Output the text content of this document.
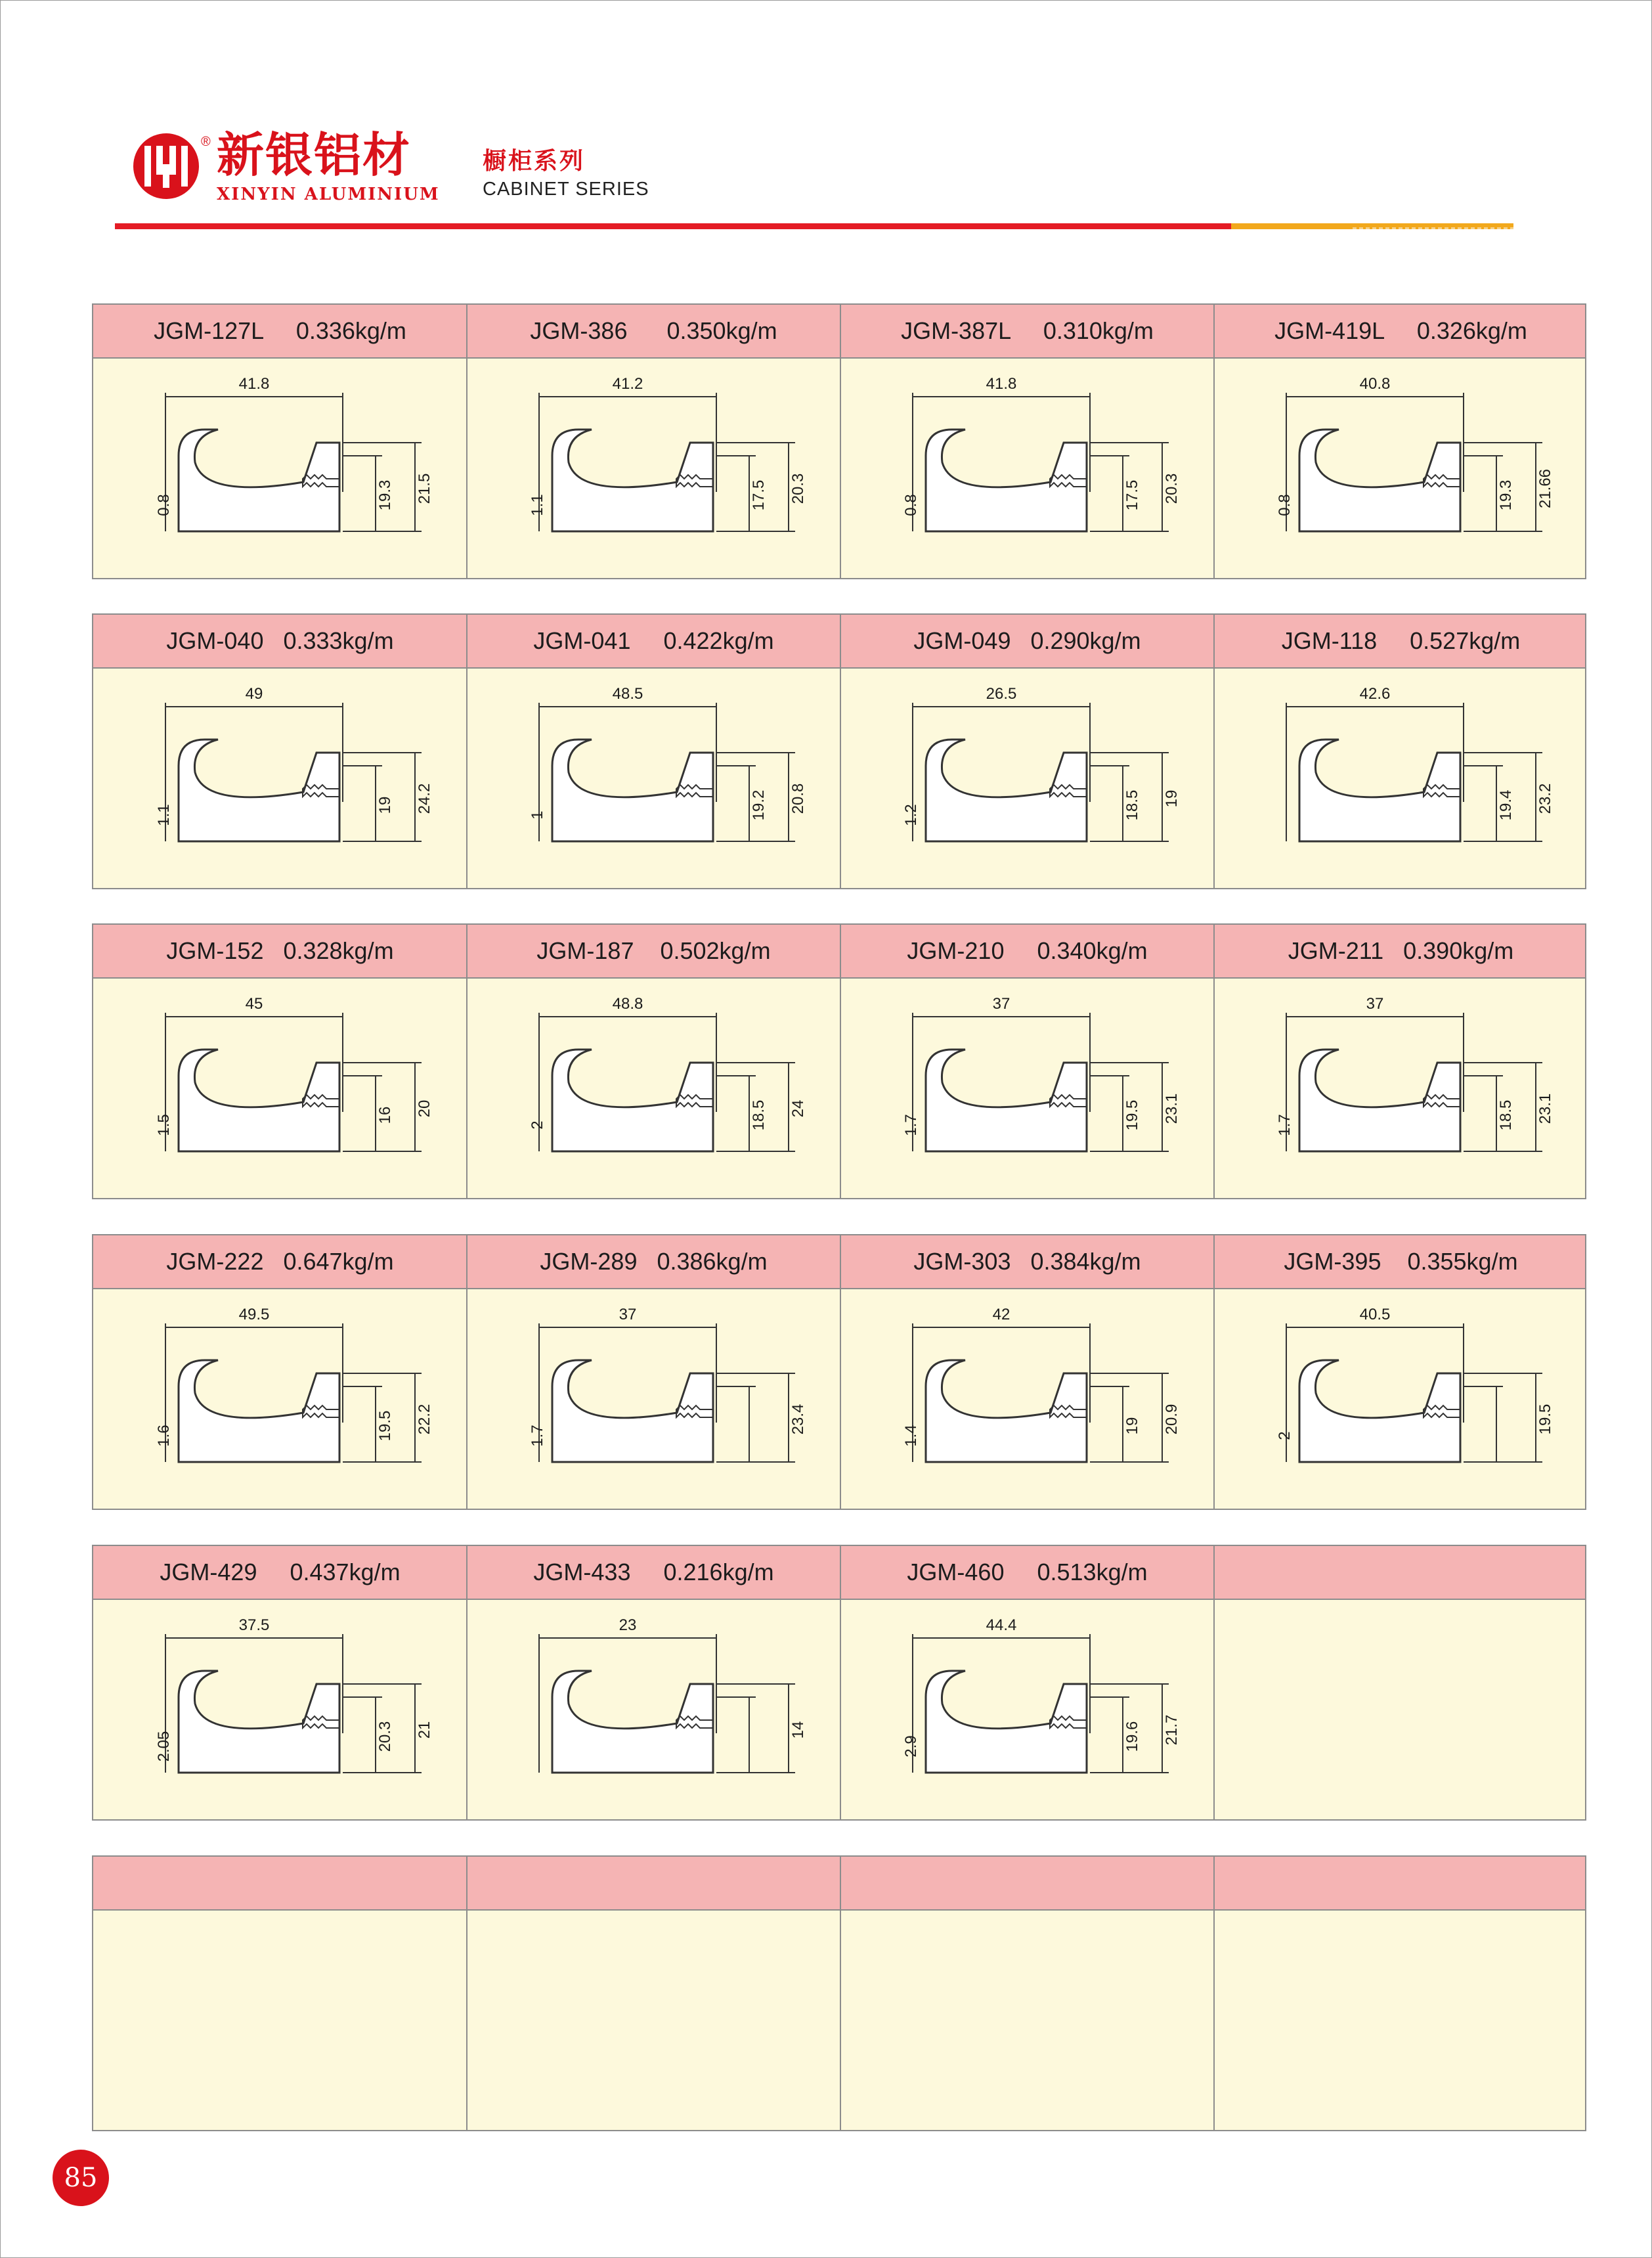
® 新银铝材
XINYIN ALUMINIUM
橱柜系列
CABINET SERIES
JGM-127L     0.336kg/m
41.8
0.8	19.3 21.5
JGM-386      0.350kg/m
41.2
1.1	17.5 20.3
JGM-387L     0.310kg/m
41.8
0.8	17.5 20.3
JGM-419L     0.326kg/m
40.8
0.8	19.3 21.66
JGM-040   0.333kg/m
49
1.1	19 24.2
JGM-041     0.422kg/m
48.5
1	19.2 20.8
JGM-049   0.290kg/m
26.5
1.2	18.5 19
JGM-118     0.527kg/m
42.6
19.4 23.2
JGM-152   0.328kg/m
45
1.5	16 20
JGM-187    0.502kg/m
48.8
2	18.5 24
JGM-210     0.340kg/m
37
1.7	19.5 23.1
JGM-211   0.390kg/m
37
1.7	18.5 23.1
JGM-222   0.647kg/m
49.5
1.6	19.5 22.2
JGM-289   0.386kg/m
37
1.7
23.4
JGM-303   0.384kg/m
42
1.4	19 20.9
JGM-395    0.355kg/m
40.5
2
19.5
JGM-429     0.437kg/m
37.5
2.05	20.3 21
JGM-433     0.216kg/m
23
14
JGM-460     0.513kg/m
44.4
2.9	19.6 21.7
85
